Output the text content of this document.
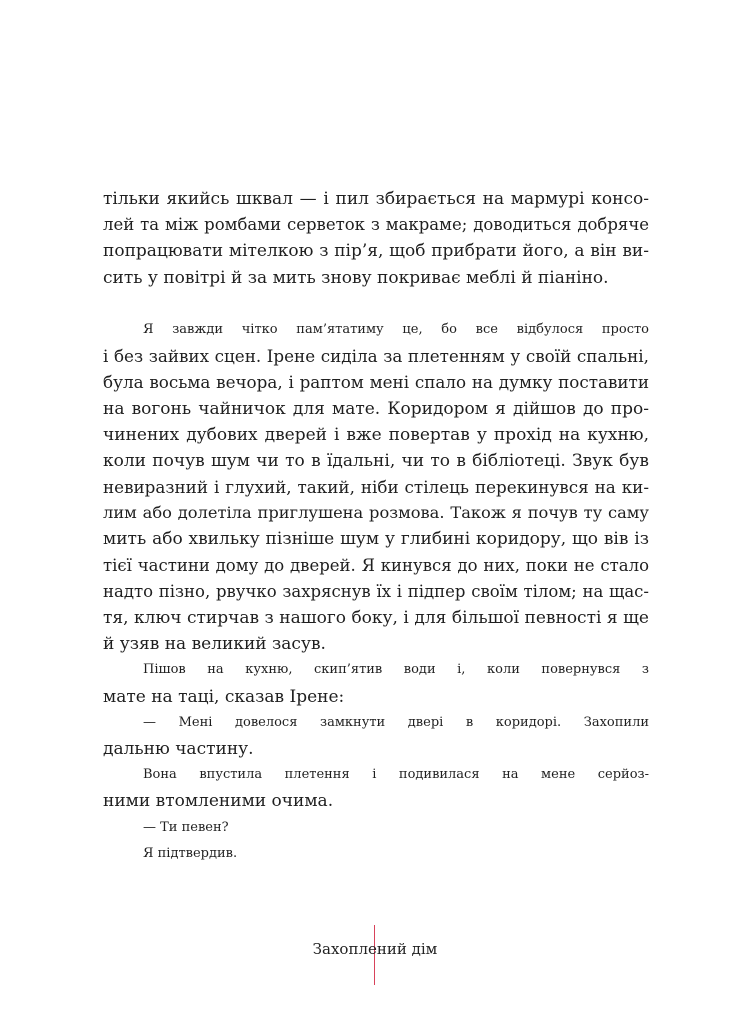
тільки якийсь шквал — і пил збирається на мармурі консо-
лей та між ромбами серветок з макраме; доводиться добряче
попрацювати мітелкою з пір’я, щоб прибрати його, а він ви-
сить у повітрі й за мить знову покриває меблі й піаніно.
Я завжди чітко пам’ятатиму це, бо все відбулося просто
і без зайвих сцен. Ірене сиділа за плетенням у своїй спальні,
була восьма вечора, і раптом мені спало на думку поставити
на вогонь чайничок для мате. Коридором я дійшов до про-
чинених дубових дверей і вже повертав у прохід на кухню,
коли почув шум чи то в їдальні, чи то в бібліотеці. Звук був
невиразний і глухий, такий, ніби стілець перекинувся на ки-
лим або долетіла приглушена розмова. Також я почув ту саму
мить або хвильку пізніше шум у глибині коридору, що вів із
тієї частини дому до дверей. Я кинувся до них, поки не стало
надто пізно, рвучко захряснув їх і підпер своїм тілом; на щас-
тя, ключ стирчав з нашого боку, і для більшої певності я ще
й узяв на великий засув.
Пішов на кухню, скип’ятив води і, коли повернувся з
мате на таці, сказав Ірене:
— Мені довелося замкнути двері в коридорі. Захопили
дальню частину.
Вона впустила плетення і подивилася на мене серйоз-
ними втомленими очима.
— Ти певен?
Я підтвердив.
Захоплений дім
